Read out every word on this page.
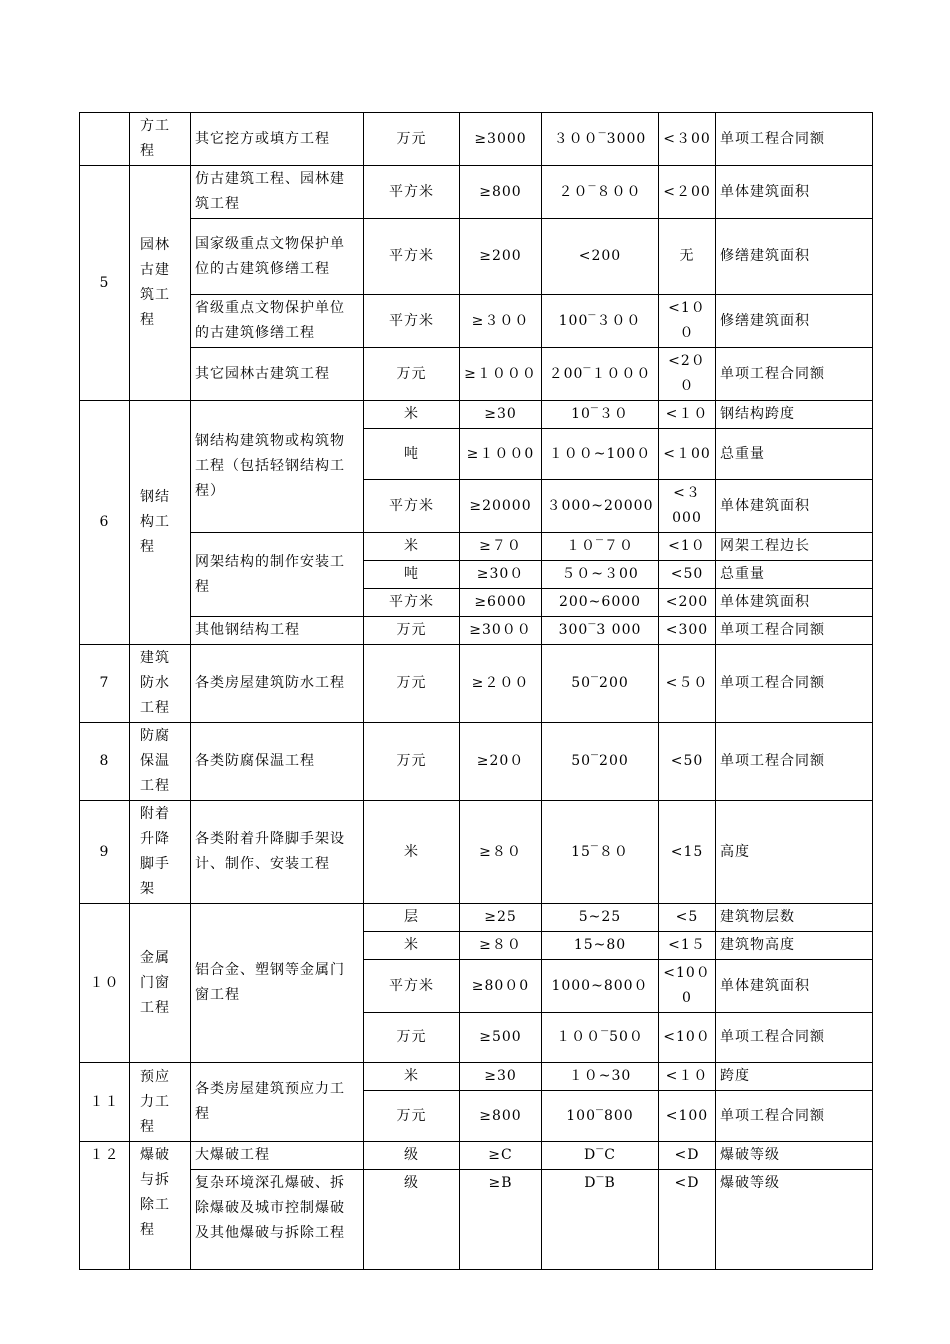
	方工程	其它挖方或填方工程	万元	≥3000	３００‾3000	<３00	单项工程合同额
5	园林古建筑工程	仿古建筑工程、园林建筑工程	平方米	≥800	２０‾８００	<２00	单体建筑面积
		国家级重点文物保护单位的古建筑修缮工程	平方米	≥200	<200	无	修缮建筑面积
		省级重点文物保护单位的古建筑修缮工程	平方米	≥３００	100‾３００	<1００	修缮建筑面积
		其它园林古建筑工程	万元	≥１０００	２00‾１０００	<2００	单项工程合同额
6	钢结构工程	钢结构建筑物或构筑物工程（包括轻钢结构工程）	米	≥30	10‾３０	<１０	钢结构跨度
			吨	≥１００0	１００~100０	<１00	总重量
			平方米	≥20000	３000~20000	<３000	单体建筑面积
		网架结构的制作安装工程	米	≥７０	１０‾７０	<1０	网架工程边长
			吨	≥30０	５０~３00	<50	总重量
			平方米	≥6000	200~6000	<200	单体建筑面积
		其他钢结构工程	万元	≥30００	300‾3 000	<300	单项工程合同额
7	建筑防水工程	各类房屋建筑防水工程	万元	≥２００	50‾200	<５０	单项工程合同额
8	防腐保温工程	各类防腐保温工程	万元	≥20０	50‾200	<50	单项工程合同额
9	附着升降脚手架	各类附着升降脚手架设计、制作、安装工程	米	≥８０	15‾８０	<15	高度
１０	金属门窗工程	铝合金、塑钢等金属门窗工程	层	≥25	5~25	<5	建筑物层数
			米	≥８０	15~80	<1５	建筑物高度
			平方米	≥80０0	1000~800０	<10０0	单体建筑面积
			万元	≥500	１００‾50０	<10０	单项工程合同额
１１	预应力工程	各类房屋建筑预应力工程	米	≥30	１０~30	<１０	跨度
			万元	≥800	100‾800	<100	单项工程合同额
１２	爆破与拆除工程	大爆破工程	级	≥C	D‾C	<D	爆破等级
		复杂环境深孔爆破、拆除爆破及城市控制爆破及其他爆破与拆除工程	级	≥B	D‾B	<D	爆破等级
